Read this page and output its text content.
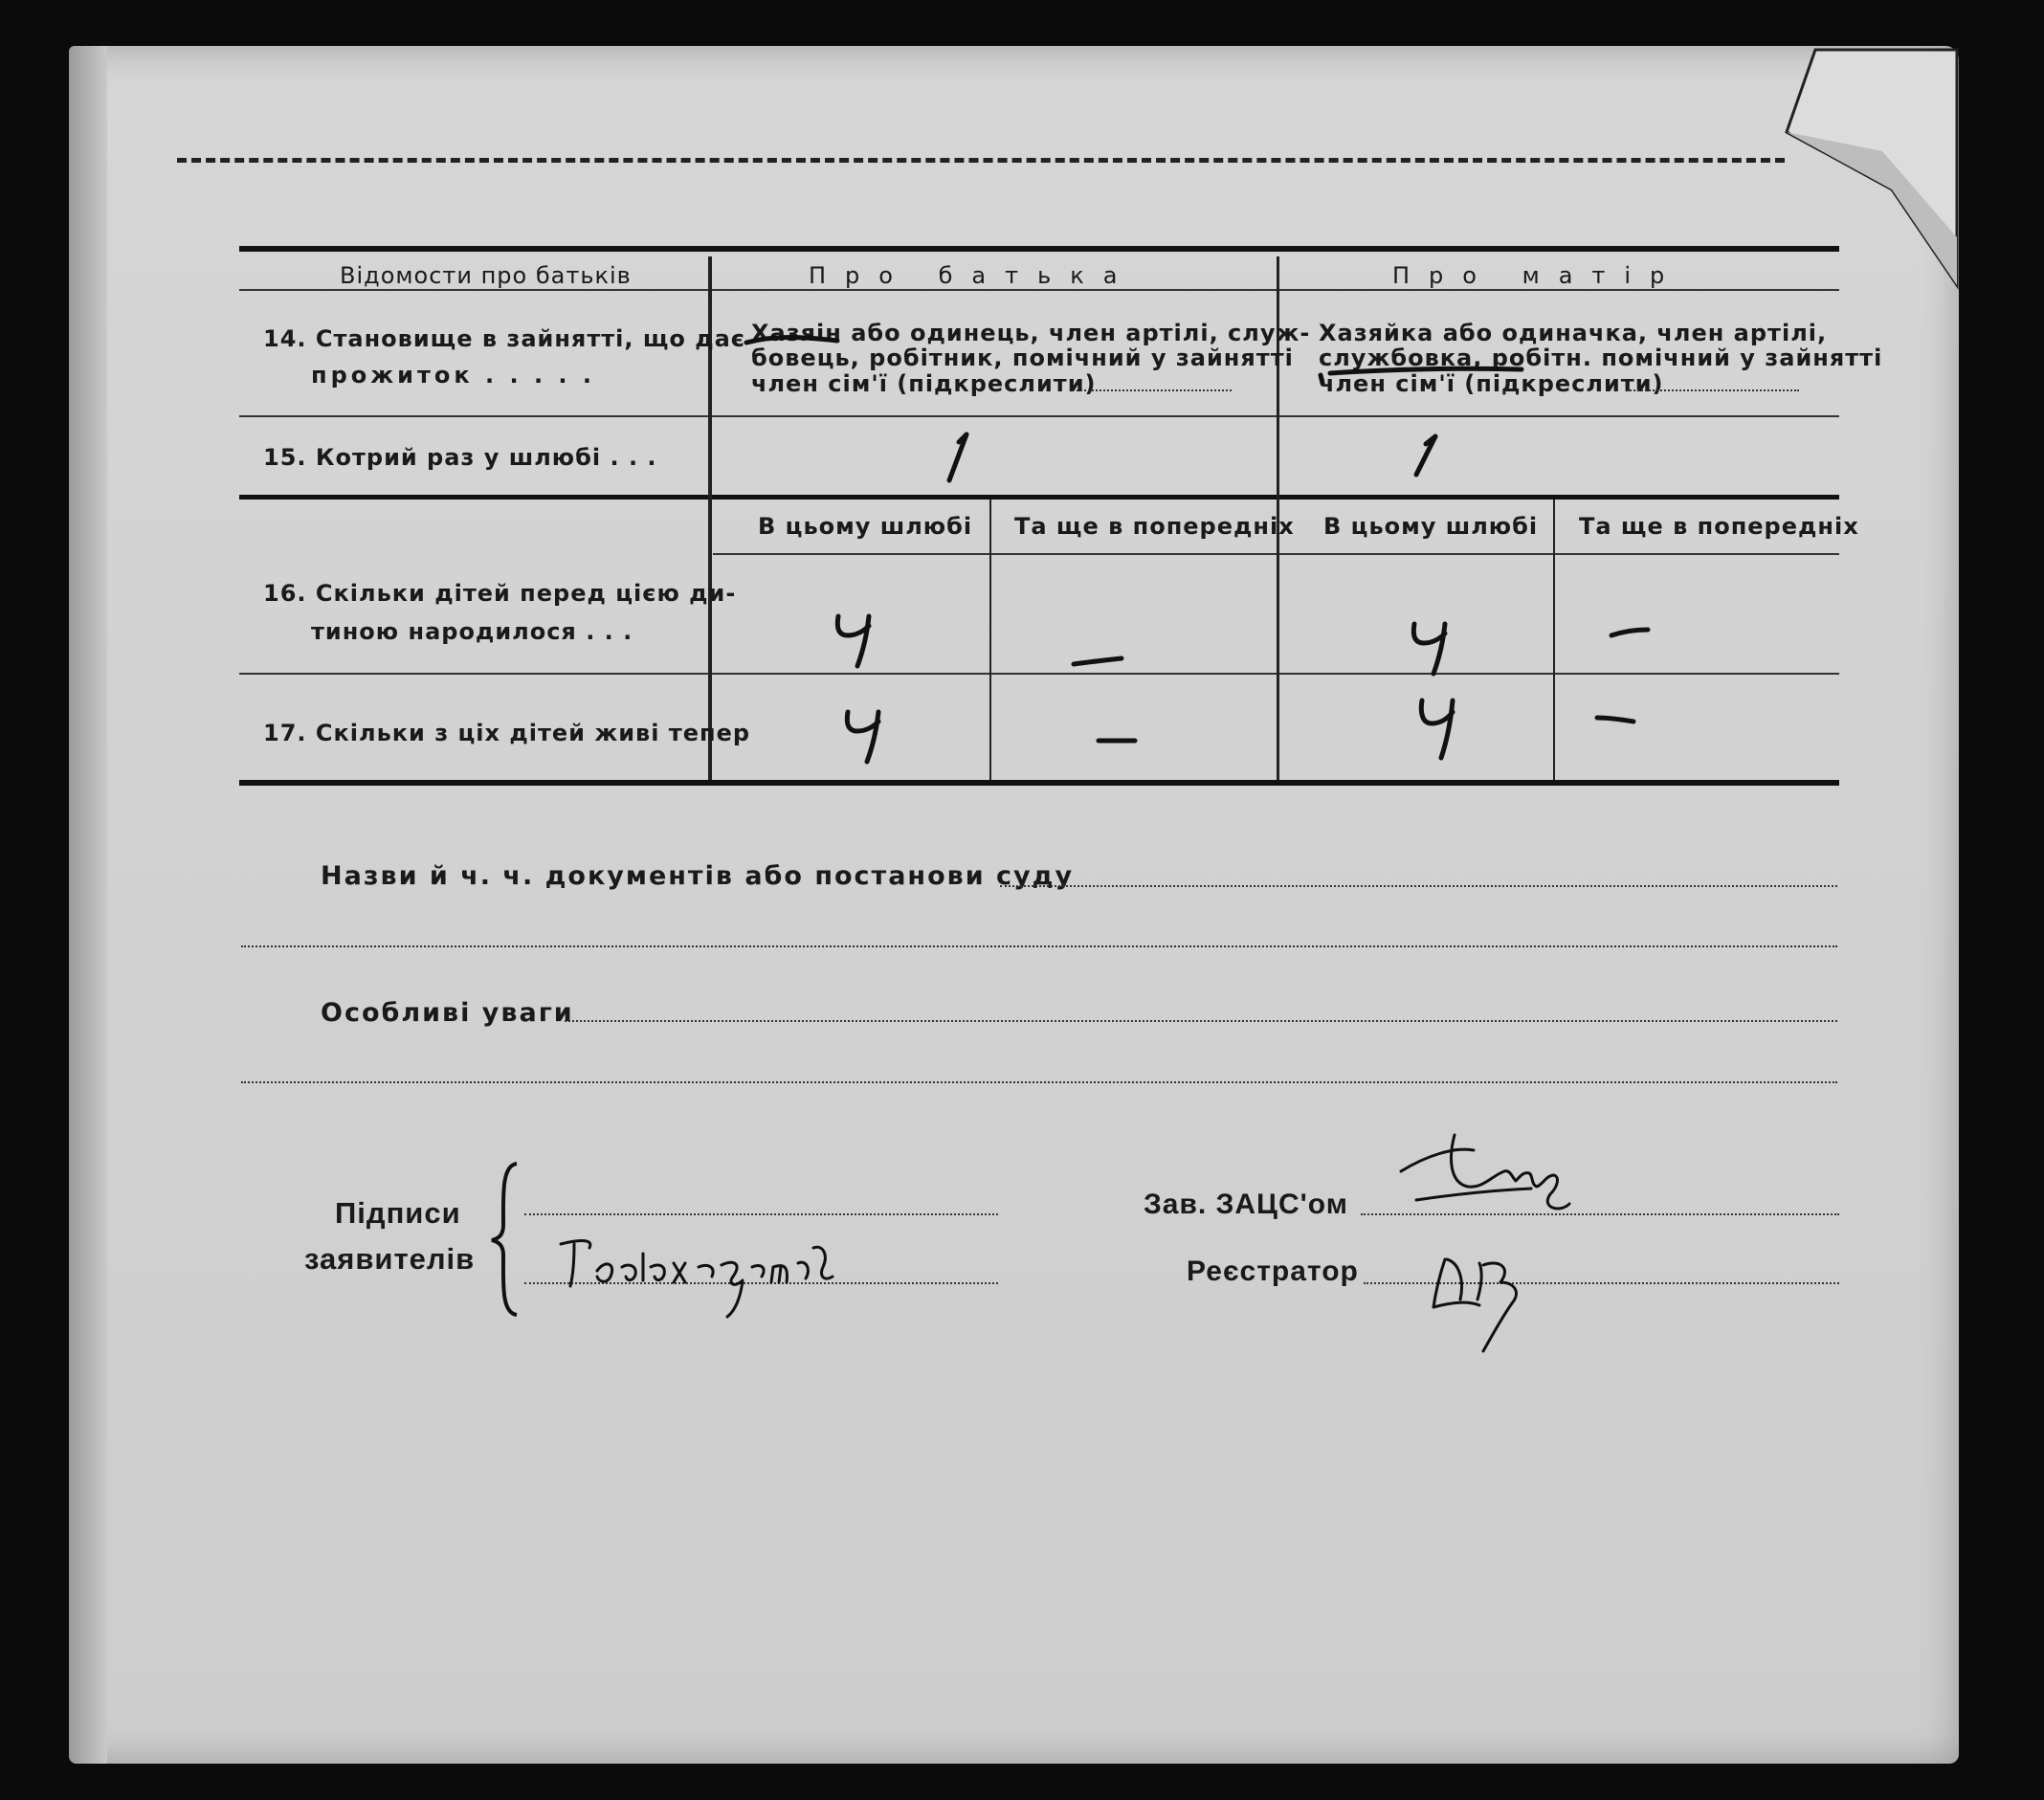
Відомости про батьків	Про батька	Про матір
14. Становище в зайнятті, що дає
прожиток . . . . .
Хазяін або одинець, член артілі, служ-
бовець, робітник, помічний у зайнятті
член сім'ї (підкреслити)
Хазяйка або одиначка, член артілі,
службовка, робітн. помічний у зайнятті
член сім'ї (підкреслити)
15. Котрий раз у шлюбі . . .
В цьому шлюбі Та ще в попередніх В цьому шлюбі Та ще в попередніх
16. Скільки дітей перед цією ди-
тиною народилося . . .
17. Скільки з ціх дітей живі тепер
Назви й ч. ч. документів або постанови суду
Особливі уваги
Підписи
заявителів
Зав. ЗАЦС'ом
Реєстратор
